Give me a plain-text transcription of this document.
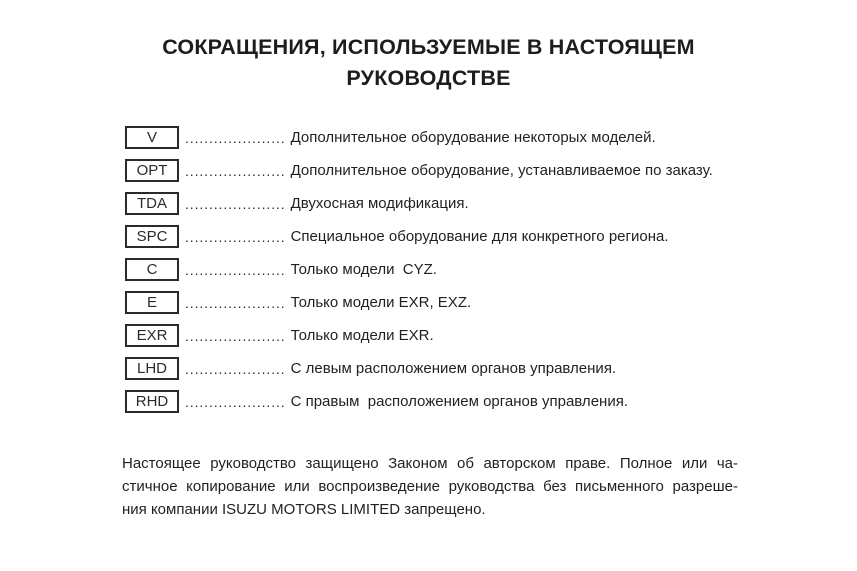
СОКРАЩЕНИЯ, ИСПОЛЬЗУЕМЫЕ В НАСТОЯЩЕМ
РУКОВОДСТВЕ
V	..................... Дополнительное оборудование некоторых моделей.
OPT	..................... Дополнительное оборудование, устанавливаемое по заказу.
TDA	..................... Двухосная модификация.
SPC	..................... Специальное оборудование для конкретного региона.
C	..................... Только модели  CYZ.
E	..................... Только модели EXR, EXZ.
EXR	..................... Только модели EXR.
LHD	..................... С левым расположением органов управления.
RHD	..................... С правым  расположением органов управления.
Настоящее руководство защищено Законом об авторском праве. Полное или ча-
стичное копирование или воспроизведение руководства без письменного разреше-
ния компании ISUZU MOTORS LIMITED запрещено.
